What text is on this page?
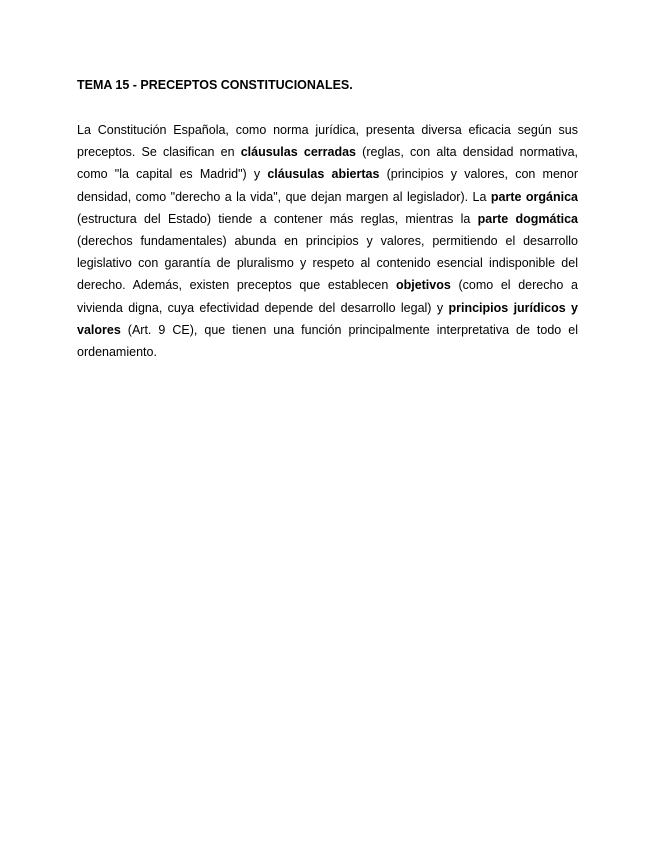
TEMA 15 - PRECEPTOS CONSTITUCIONALES.

La Constitución Española, como norma jurídica, presenta diversa eficacia según sus preceptos. Se clasifican en cláusulas cerradas (reglas, con alta densidad normativa, como "la capital es Madrid") y cláusulas abiertas (principios y valores, con menor densidad, como "derecho a la vida", que dejan margen al legislador). La parte orgánica (estructura del Estado) tiende a contener más reglas, mientras la parte dogmática (derechos fundamentales) abunda en principios y valores, permitiendo el desarrollo legislativo con garantía de pluralismo y respeto al contenido esencial indisponible del derecho. Además, existen preceptos que establecen objetivos (como el derecho a vivienda digna, cuya efectividad depende del desarrollo legal) y principios jurídicos y valores (Art. 9 CE), que tienen una función principalmente interpretativa de todo el ordenamiento.
